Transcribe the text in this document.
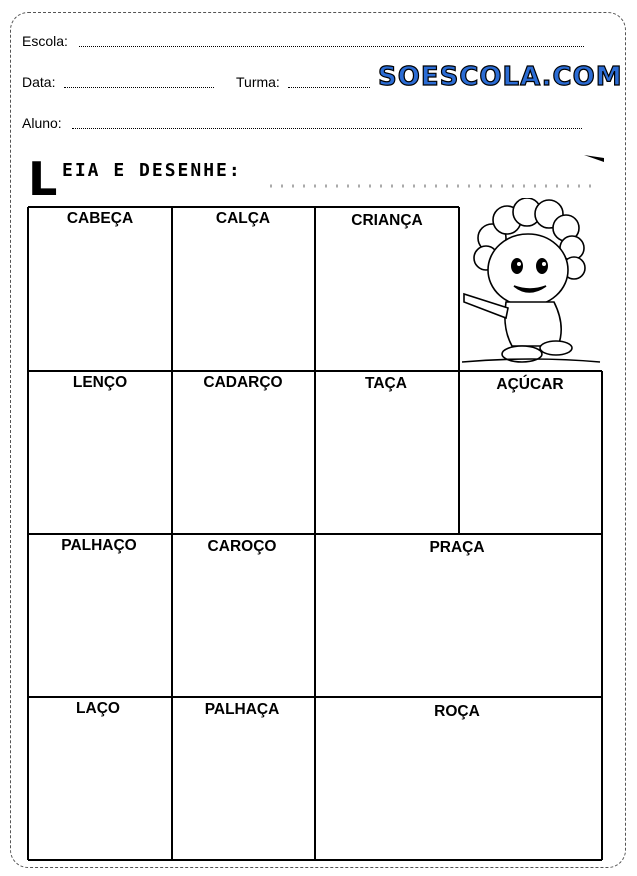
Escola:
Data:	Turma:	SOESCOLA.COM
Aluno:
L EIA E DESENHE:
CABEÇA	CALÇA	CRIANÇA
LENÇO	CADARÇO	TAÇA	AÇÚCAR
PALHAÇO	CAROÇO	PRAÇA
LAÇO	PALHAÇA	ROÇA
